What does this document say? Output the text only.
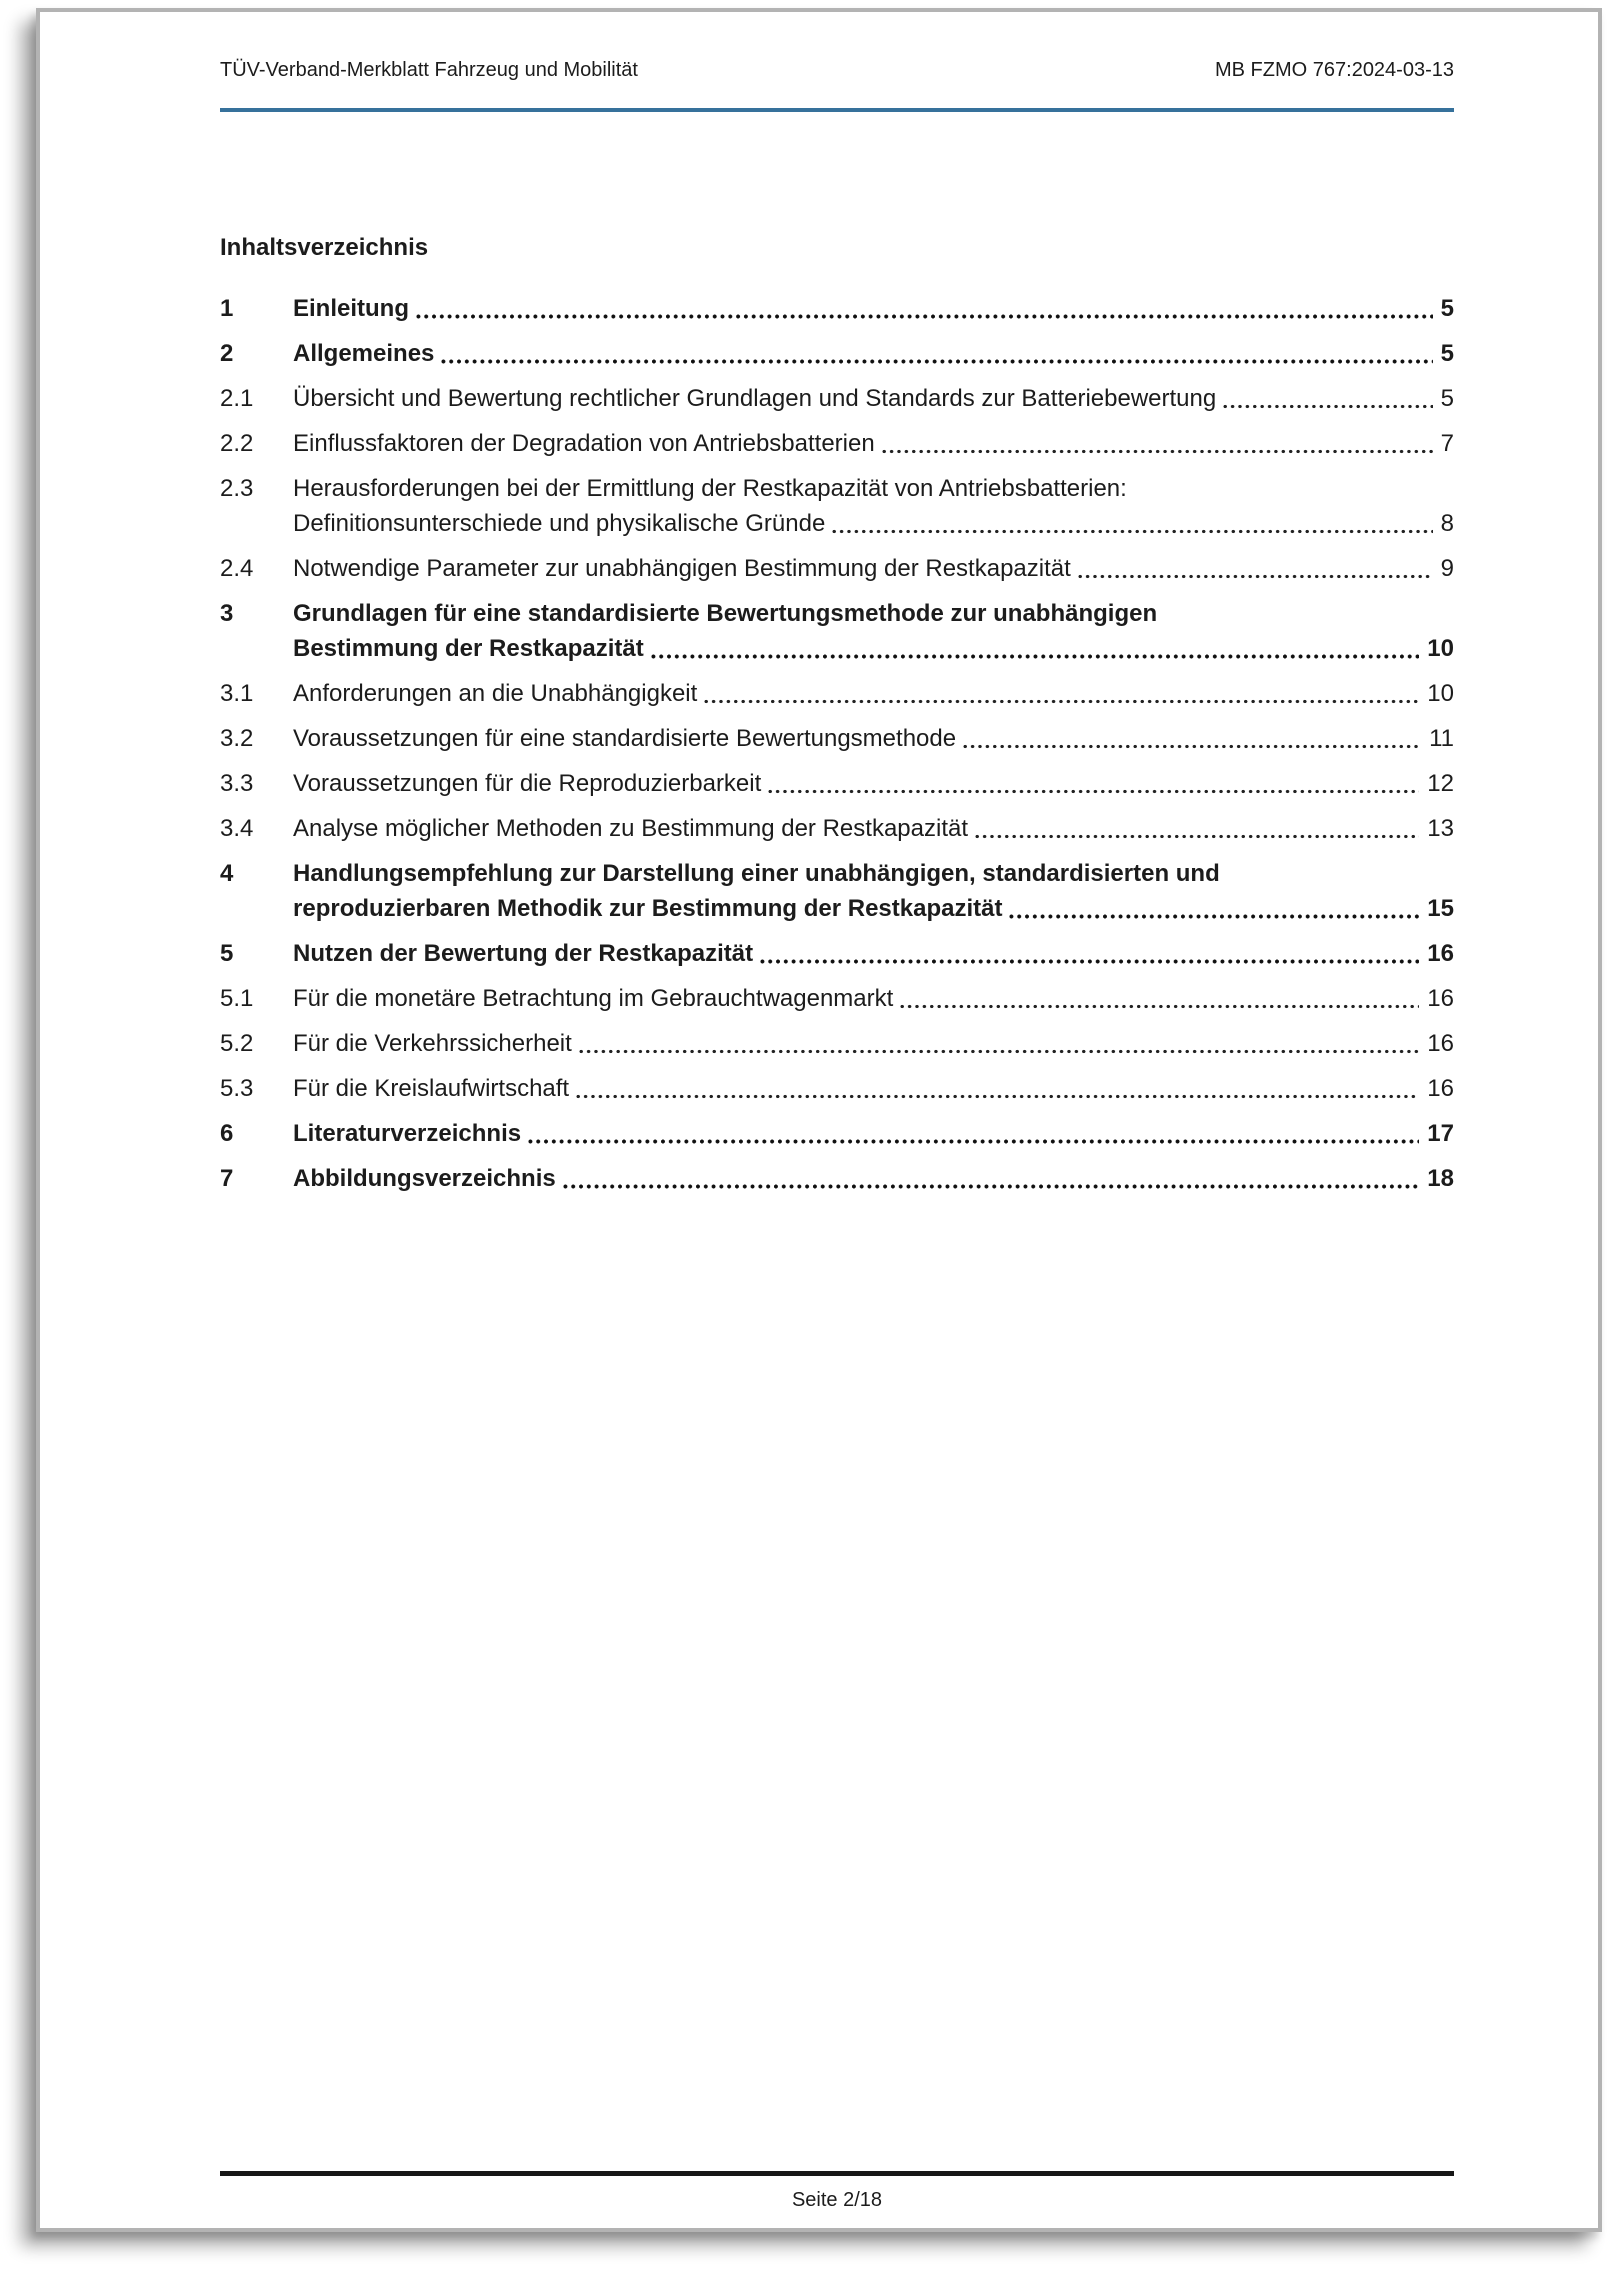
TÜV-Verband-Merkblatt Fahrzeug und Mobilität	MB FZMO 767:2024-03-13
Inhaltsverzeichnis
1	Einleitung	5
2	Allgemeines	5
2.1	Übersicht und Bewertung rechtlicher Grundlagen und Standards zur Batteriebewertung	5
2.2	Einflussfaktoren der Degradation von Antriebsbatterien	7
2.3	Herausforderungen bei der Ermittlung der Restkapazität von Antriebsbatterien:
Definitionsunterschiede und physikalische Gründe	8
2.4	Notwendige Parameter zur unabhängigen Bestimmung der Restkapazität	9
3	Grundlagen für eine standardisierte Bewertungsmethode zur unabhängigen
Bestimmung der Restkapazität	10
3.1	Anforderungen an die Unabhängigkeit	10
3.2	Voraussetzungen für eine standardisierte Bewertungsmethode	11
3.3	Voraussetzungen für die Reproduzierbarkeit	12
3.4	Analyse möglicher Methoden zu Bestimmung der Restkapazität	13
4	Handlungsempfehlung zur Darstellung einer unabhängigen, standardisierten und
reproduzierbaren Methodik zur Bestimmung der Restkapazität	15
5	Nutzen der Bewertung der Restkapazität	16
5.1	Für die monetäre Betrachtung im Gebrauchtwagenmarkt	16
5.2	Für die Verkehrssicherheit	16
5.3	Für die Kreislaufwirtschaft	16
6	Literaturverzeichnis	17
7	Abbildungsverzeichnis	18
Seite 2/18
